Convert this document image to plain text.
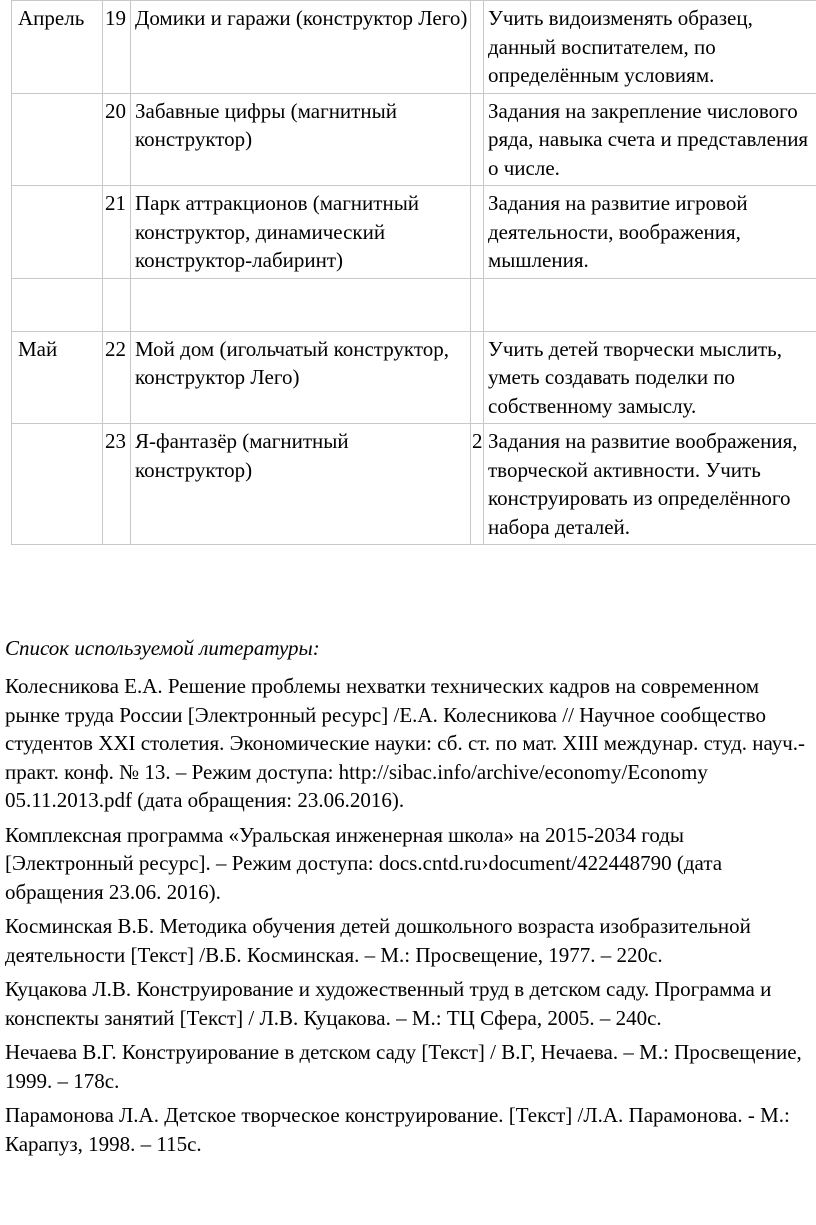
Апрель	19	Домики и гаражи (конструктор Лего)		Учить видоизменять образец, данный воспитателем, по определённым условиям.
	20	Забавные цифры (магнитный конструктор)		Задания на закрепление числового ряда, навыка счета и представления о числе.
	21	Парк аттракционов (магнитный конструктор, динамический конструктор-лабиринт)		Задания на развитие игровой деятельности, воображения, мышления.

Май	22	Мой дом (игольчатый конструктор, конструктор Лего)		Учить детей творчески мыслить, уметь создавать поделки по собственному замыслу.
	23	Я-фантазёр (магнитный конструктор)	2	Задания на развитие воображения, творческой активности. Учить конструировать из определённого набора деталей.

Список используемой литературы:

Колесникова Е.А. Решение проблемы нехватки технических кадров на современном рынке труда России [Электронный ресурс] /Е.А. Колесникова // Научное сообщество студентов XXI столетия. Экономические науки: сб. ст. по мат. XIII междунар. студ. науч.-практ. конф. № 13. – Режим доступа: http://sibac.info/archive/economy/Economy 05.11.2013.pdf (дата обращения: 23.06.2016).
Комплексная программа «Уральская инженерная школа» на 2015-2034 годы [Электронный ресурс]. – Режим доступа: docs.cntd.ru›document/422448790 (дата обращения 23.06. 2016).
Косминская В.Б. Методика обучения детей дошкольного возраста изобразительной деятельности [Текст] /В.Б. Косминская. – М.: Просвещение, 1977. – 220с.
Куцакова Л.В. Конструирование и художественный труд в детском саду. Программа и конспекты занятий [Текст] / Л.В. Куцакова. – М.: ТЦ Сфера, 2005. – 240с.
Нечаева В.Г. Конструирование в детском саду [Текст] / В.Г, Нечаева. – М.: Просвещение, 1999. – 178с.
Парамонова Л.А. Детское творческое конструирование. [Текст] /Л.А. Парамонова. - М.: Карапуз, 1998. – 115с.
